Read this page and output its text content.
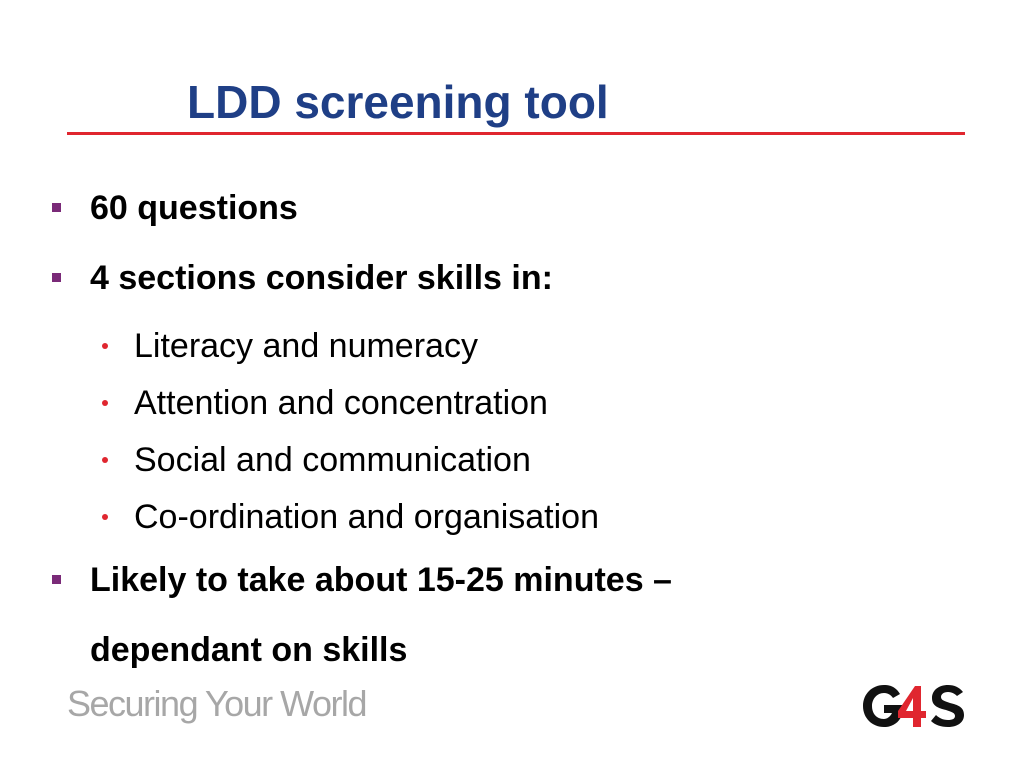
LDD screening tool
60 questions
4 sections consider skills in:
Literacy and numeracy
Attention and concentration
Social and communication
Co-ordination and organisation
Likely to take about 15-25 minutes –
dependant on skills
Securing Your World
